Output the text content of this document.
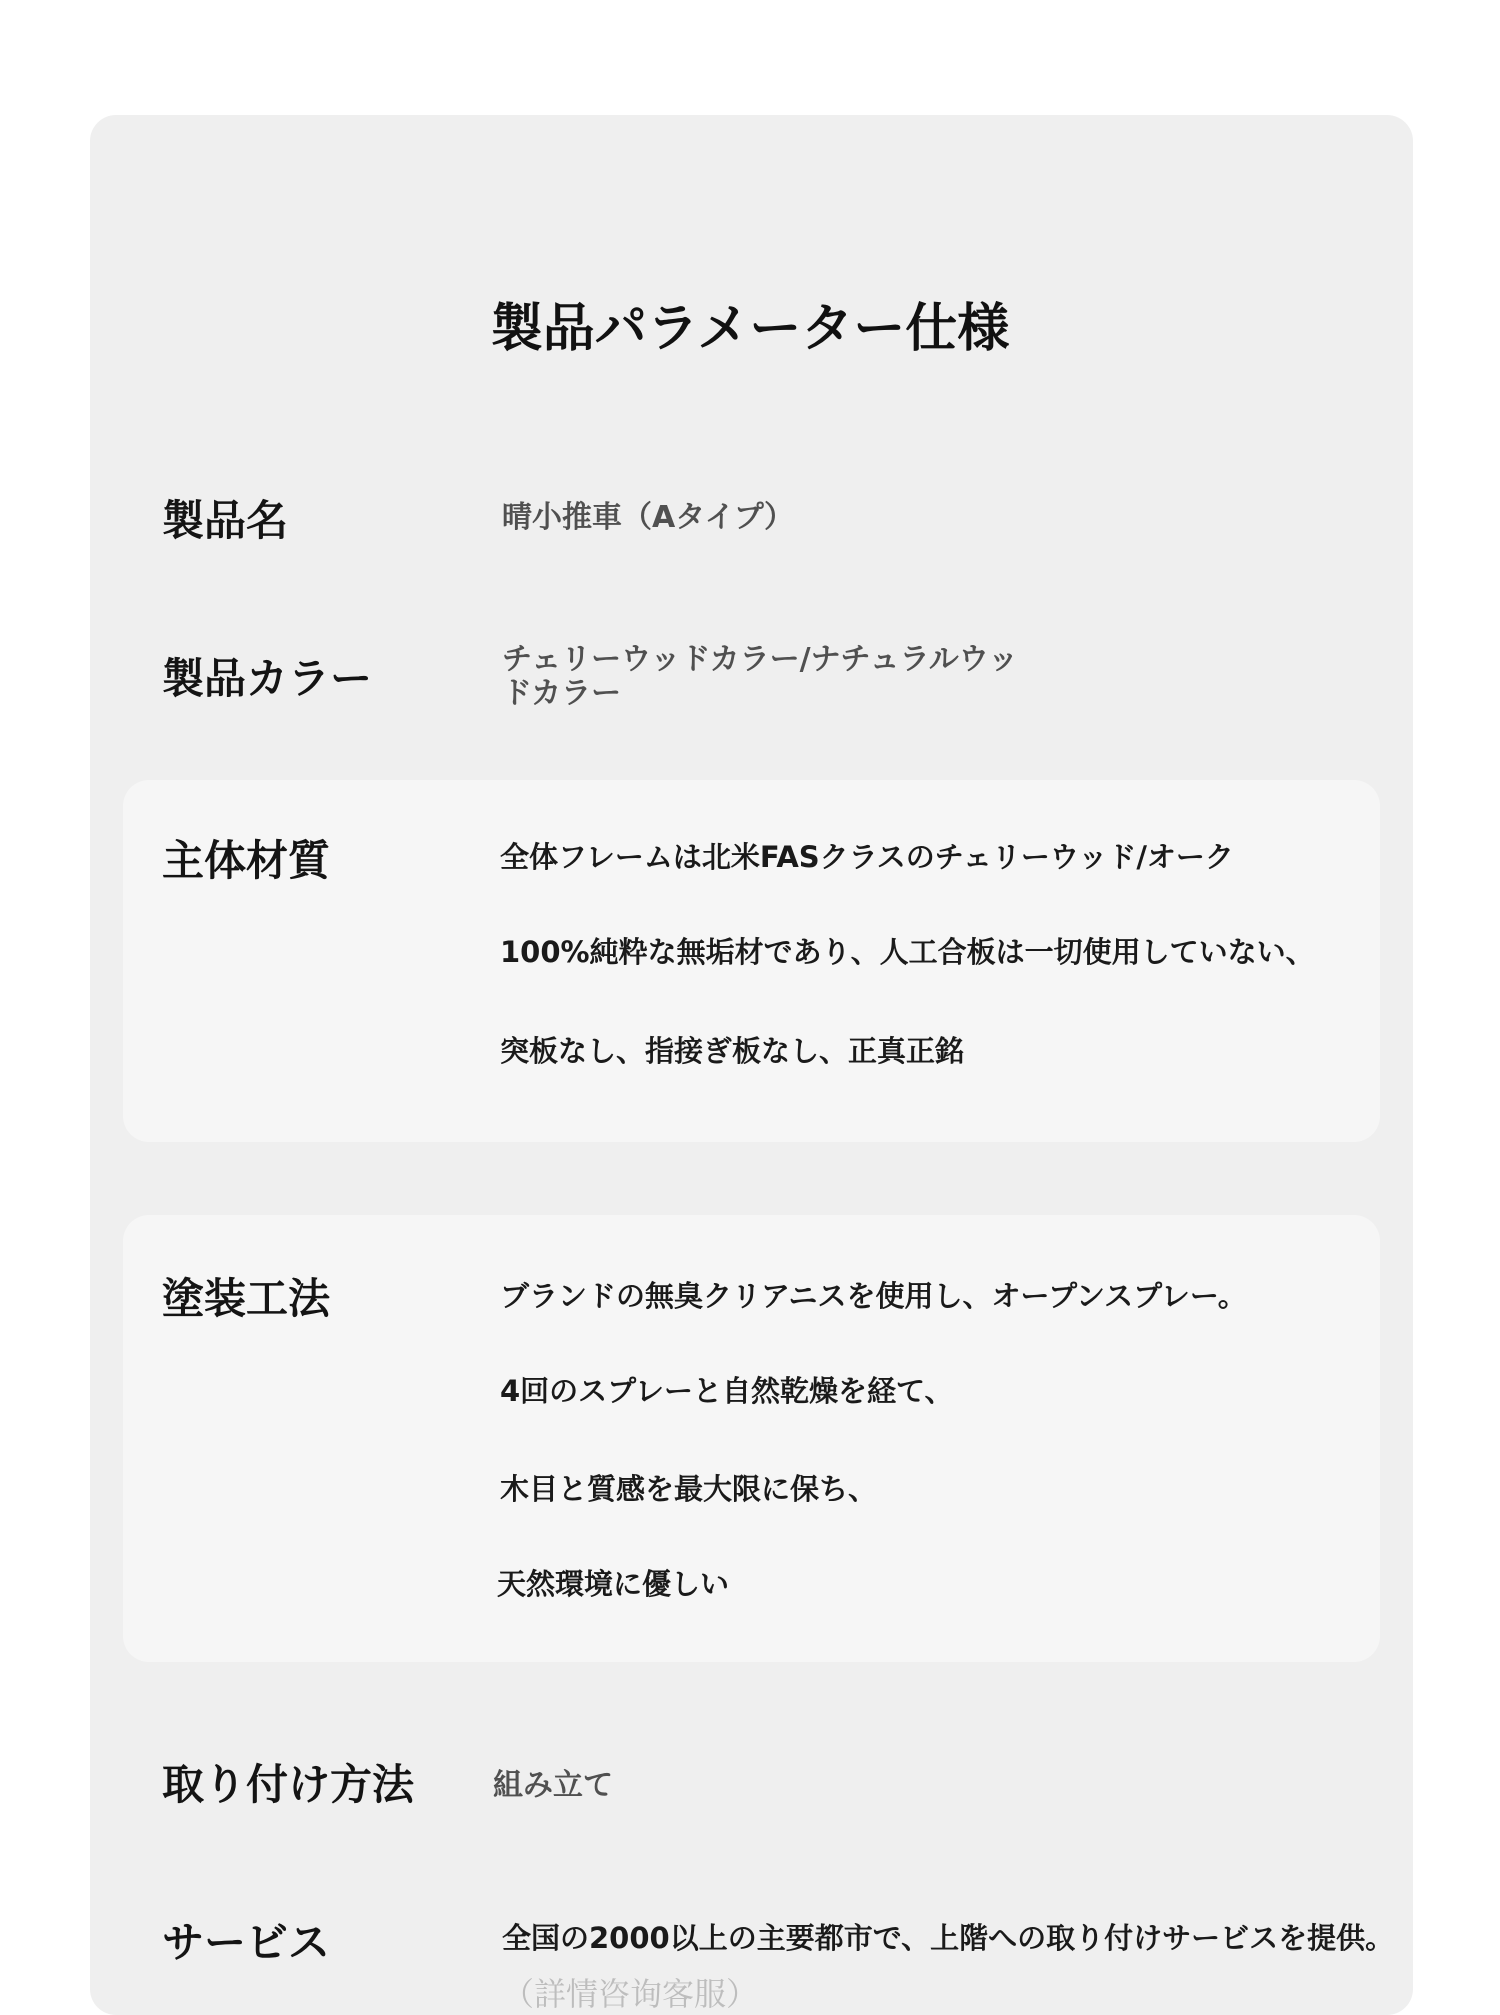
製品パラメーター仕様
製品名	晴小推車（Aタイプ）
製品カラー	チェリーウッドカラー/ナチュラルウッ
ドカラー
主体材質	全体フレームは北米FASクラスのチェリーウッド/オーク
100%純粋な無垢材であり、人工合板は一切使用していない、
突板なし、指接ぎ板なし、正真正銘
塗装工法	ブランドの無臭クリアニスを使用し、オープンスプレー。
4回のスプレーと自然乾燥を経て、
木目と質感を最大限に保ち、
天然環境に優しい
取り付け方法	組み立て
サービス	全国の2000以上の主要都市で、上階への取り付けサービスを提供。
（詳情咨询客服）
